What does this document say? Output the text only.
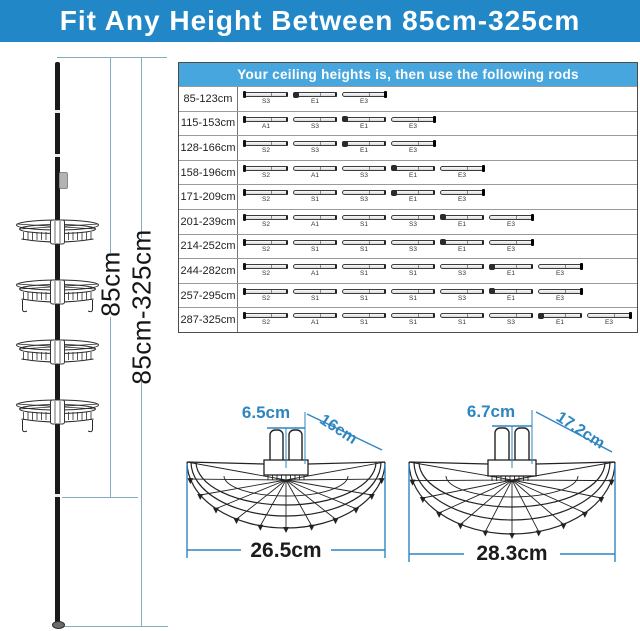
Fit Any Height Between 85cm-325cm
85cm 85cm-325cm
Your ceiling heights is, then use the following rods
85-123cm	S3	E1	E3
115-153cm	A1	S3	E1	E3
128-166cm	S2	S3	E1	E3
158-196cm	S2	A1	S3	E1	E3
171-209cm	S2	S1	S3	E1	E3
201-239cm	S2	A1	S1	S3	E1	E3
214-252cm	S2	S1	S1	S3	E1	E3
244-282cm	S2	A1	S1	S1	S3	E1	E3
257-295cm	S2	S1	S1	S1	S3	E1	E3
287-325cm	S2	A1	S1	S1	S1	S3	E1	E3
6.5cm 16cm
26.5cm
6.7cm 17.2cm
28.3cm
